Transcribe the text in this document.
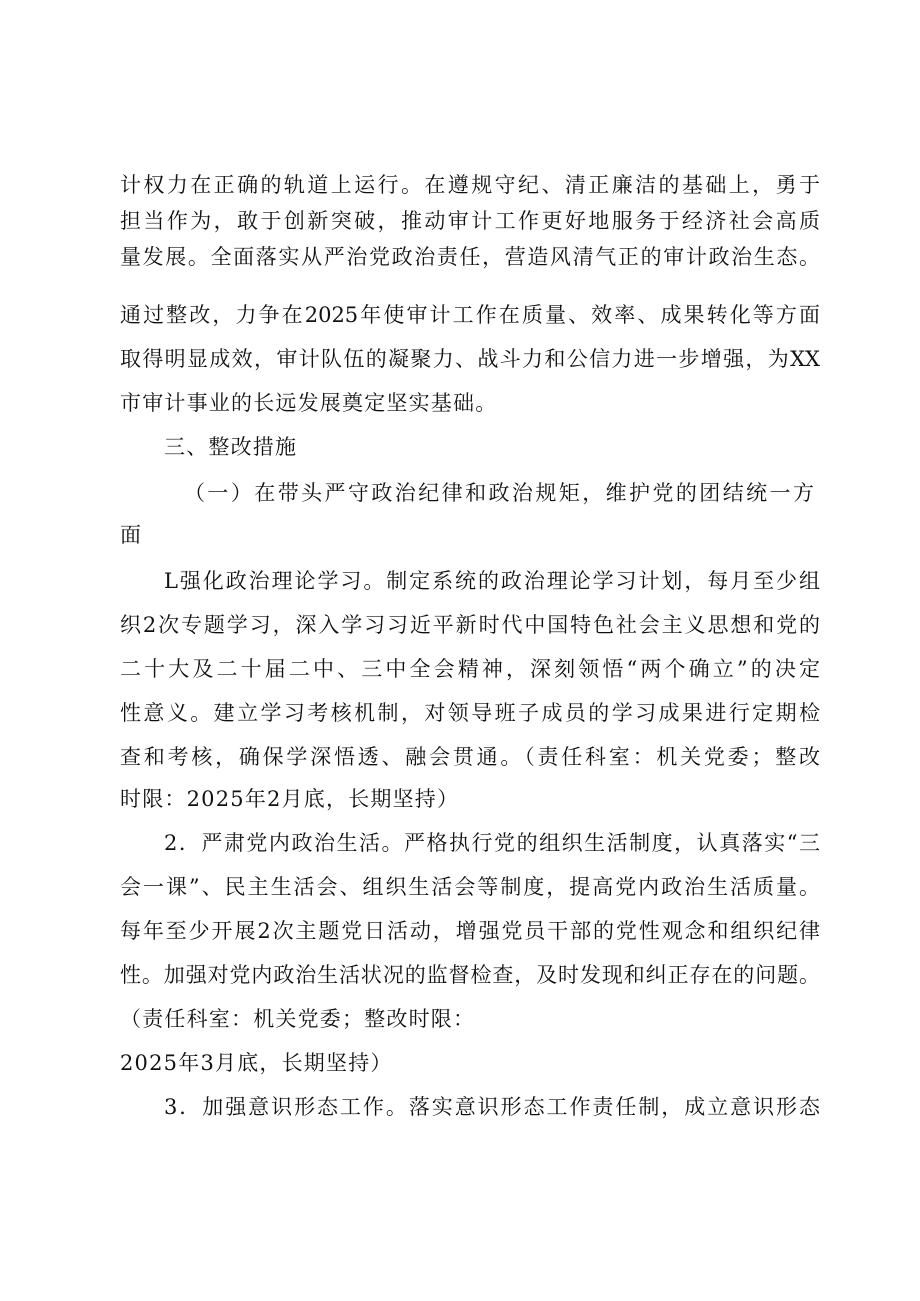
计权力在正确的轨道上运行。在遵规守纪、清正廉洁的基础上，勇于
担当作为，敢于创新突破，推动审计工作更好地服务于经济社会高质
量发展。全面落实从严治党政治责任，营造风清气正的审计政治生态。
通过整改，力争在2025年使审计工作在质量、效率、成果转化等方面
取得明显成效，审计队伍的凝聚力、战斗力和公信力进一步增强，为XX
市审计事业的长远发展奠定坚实基础。
三、整改措施
（一）在带头严守政治纪律和政治规矩，维护党的团结统一方
面
L强化政治理论学习。制定系统的政治理论学习计划，每月至少组
织2次专题学习，深入学习习近平新时代中国特色社会主义思想和党的
二十大及二十届二中、三中全会精神，深刻领悟“两个确立”的决定
性意义。建立学习考核机制，对领导班子成员的学习成果进行定期检
查和考核，确保学深悟透、融会贯通。（责任科室：机关党委；整改
时限：2025年2月底，长期坚持）
2．严肃党内政治生活。严格执行党的组织生活制度，认真落实“三
会一课”、民主生活会、组织生活会等制度，提高党内政治生活质量。
每年至少开展2次主题党日活动，增强党员干部的党性观念和组织纪律
性。加强对党内政治生活状况的监督检查，及时发现和纠正存在的问题。
（责任科室：机关党委；整改时限：
2025年3月底，长期坚持）
3．加强意识形态工作。落实意识形态工作责任制，成立意识形态
